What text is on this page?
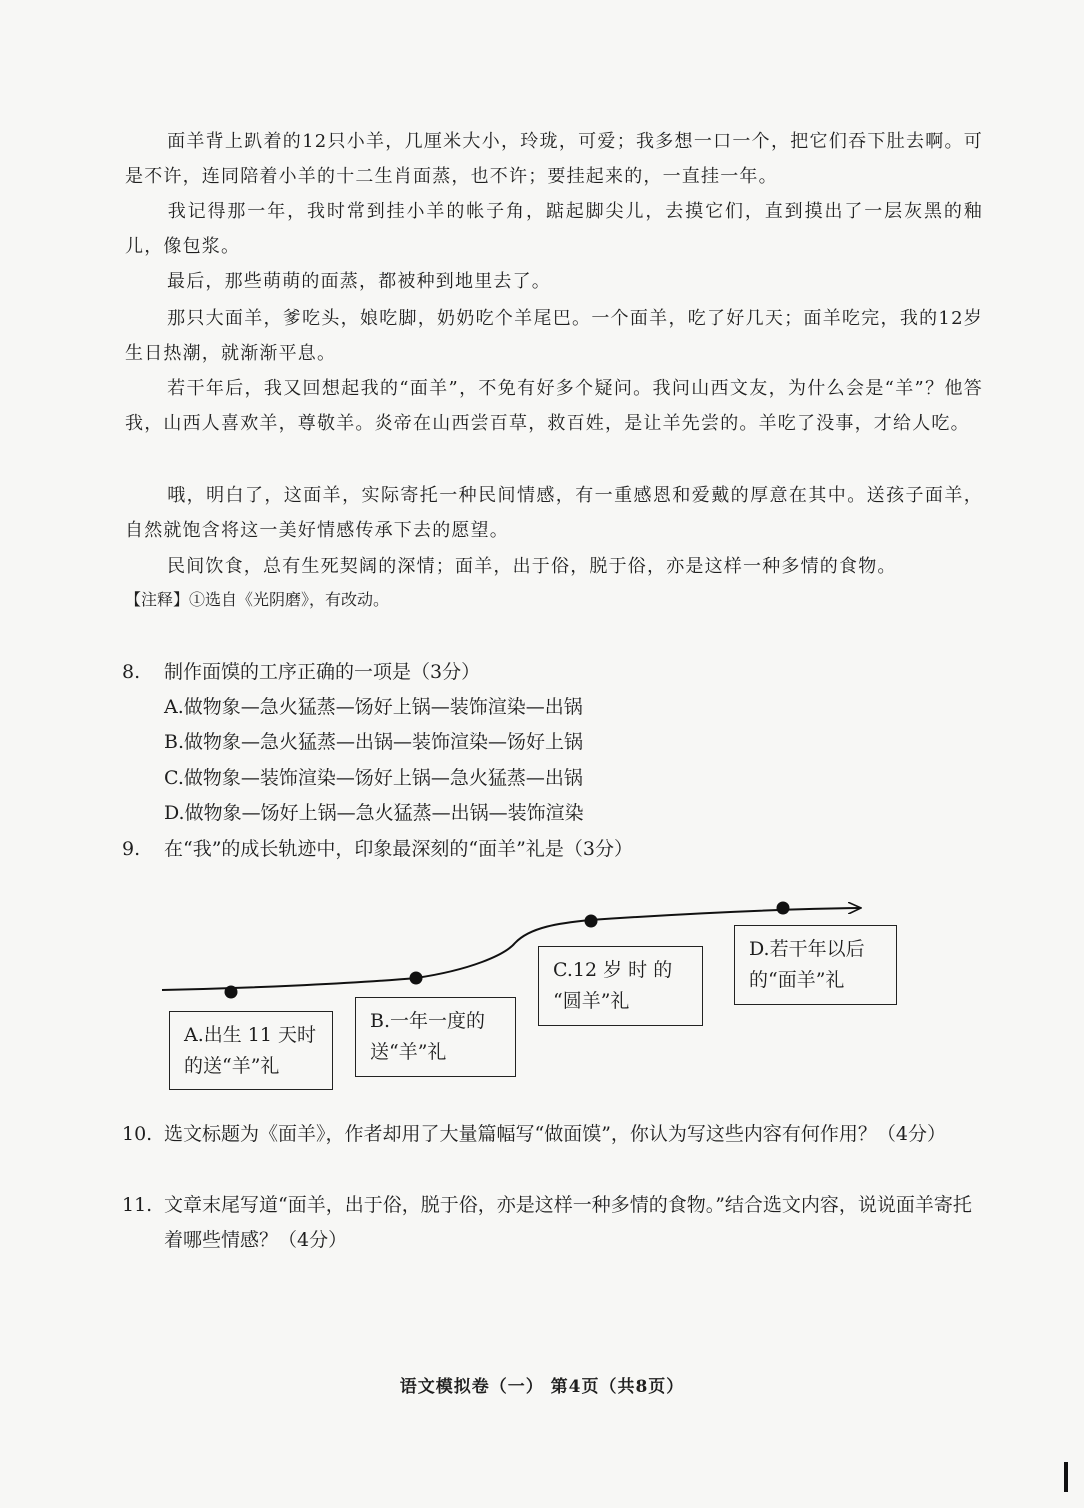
面羊背上趴着的12只小羊，几厘米大小，玲珑，可爱；我多想一口一个，把它们吞下肚去啊。可是不许，连同陪着小羊的十二生肖面蒸，也不许；要挂起来的，一直挂一年。

我记得那一年，我时常到挂小羊的帐子角，踮起脚尖儿，去摸它们，直到摸出了一层灰黑的釉儿，像包浆。

最后，那些萌萌的面蒸，都被种到地里去了。

那只大面羊，爹吃头，娘吃脚，奶奶吃个羊尾巴。一个面羊，吃了好几天；面羊吃完，我的12岁生日热潮，就渐渐平息。

若干年后，我又回想起我的“面羊”，不免有好多个疑问。我问山西文友，为什么会是“羊”？他答我，山西人喜欢羊，尊敬羊。炎帝在山西尝百草，救百姓，是让羊先尝的。羊吃了没事，才给人吃。

哦，明白了，这面羊，实际寄托一种民间情感，有一重感恩和爱戴的厚意在其中。送孩子面羊，自然就饱含将这一美好情感传承下去的愿望。

民间饮食，总有生死契阔的深情；面羊，出于俗，脱于俗，亦是这样一种多情的食物。

【注释】①选自《光阴磨》，有改动。
8. 制作面馍的工序正确的一项是（3分）
A.做物象—急火猛蒸—饧好上锅—装饰渲染—出锅
B.做物象—急火猛蒸—出锅—装饰渲染—饧好上锅
C.做物象—装饰渲染—饧好上锅—急火猛蒸—出锅
D.做物象—饧好上锅—急火猛蒸—出锅—装饰渲染
9. 在“我”的成长轨迹中，印象最深刻的“面羊”礼是（3分）
A.出生 11 天时
的送“羊”礼
B.一年一度的
送“羊”礼
C.12 岁 时 的
“圆羊”礼
D.若干年以后
的“面羊”礼
10. 选文标题为《面羊》，作者却用了大量篇幅写“做面馍”，你认为写这些内容有何作用？（4分）
11. 文章末尾写道“面羊，出于俗，脱于俗，亦是这样一种多情的食物。”结合选文内容，说说面羊寄托着哪些情感？（4分）
语文模拟卷（一） 第4页（共8页）
